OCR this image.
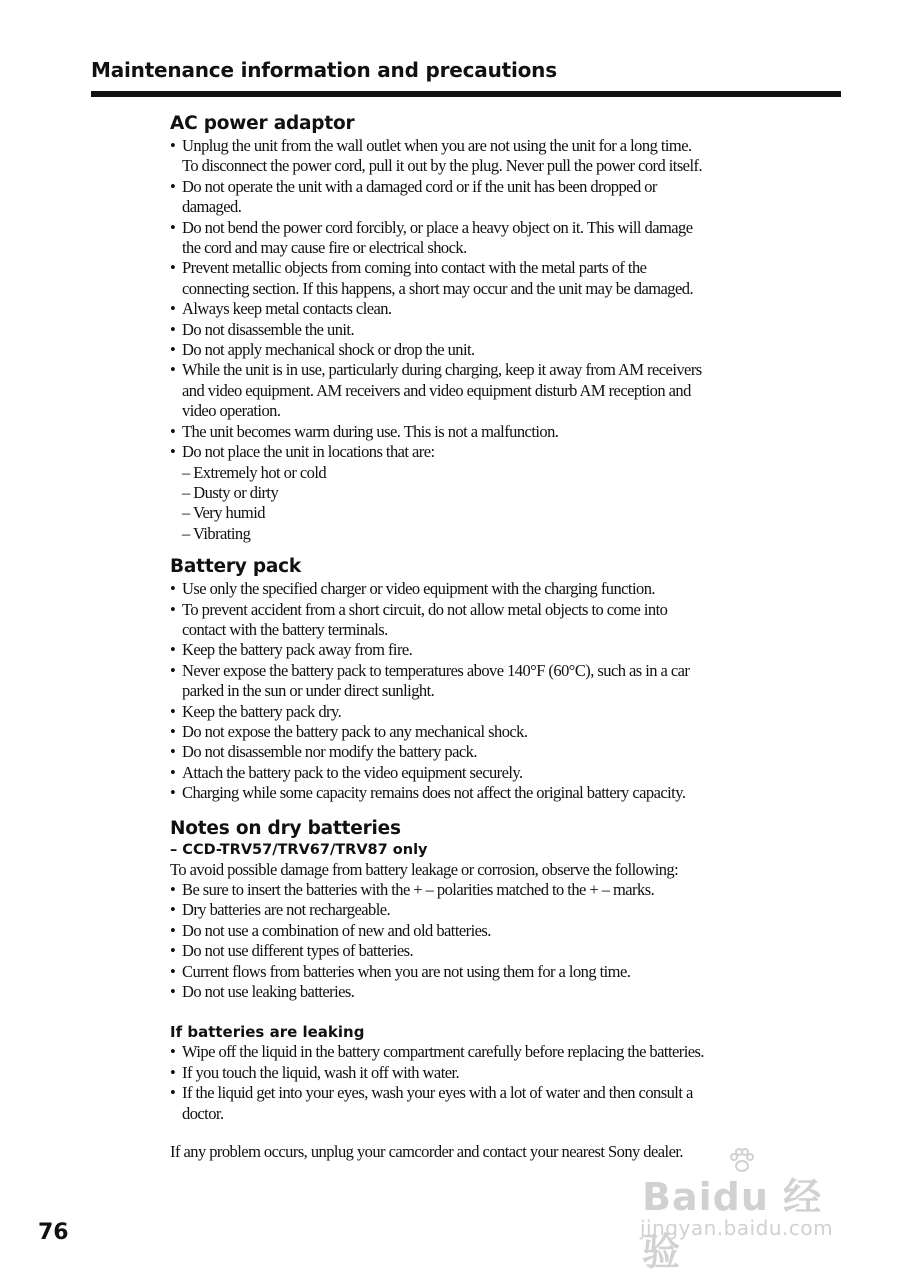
Maintenance information and precautions
AC power adaptor
• Unplug the unit from the wall outlet when you are not using the unit for a long time.
To disconnect the power cord, pull it out by the plug. Never pull the power cord itself.
• Do not operate the unit with a damaged cord or if the unit has been dropped or
damaged.
• Do not bend the power cord forcibly, or place a heavy object on it. This will damage
the cord and may cause fire or electrical shock.
• Prevent metallic objects from coming into contact with the metal parts of the
connecting section. If this happens, a short may occur and the unit may be damaged.
• Always keep metal contacts clean.
• Do not disassemble the unit.
• Do not apply mechanical shock or drop the unit.
• While the unit is in use, particularly during charging, keep it away from AM receivers
and video equipment. AM receivers and video equipment disturb AM reception and
video operation.
• The unit becomes warm during use. This is not a malfunction.
• Do not place the unit in locations that are:
– Extremely hot or cold
– Dusty or dirty
– Very humid
– Vibrating
Battery pack
• Use only the specified charger or video equipment with the charging function.
• To prevent accident from a short circuit, do not allow metal objects to come into
contact with the battery terminals.
• Keep the battery pack away from fire.
• Never expose the battery pack to temperatures above 140°F (60°C), such as in a car
parked in the sun or under direct sunlight.
• Keep the battery pack dry.
• Do not expose the battery pack to any mechanical shock.
• Do not disassemble nor modify the battery pack.
• Attach the battery pack to the video equipment securely.
• Charging while some capacity remains does not affect the original battery capacity.
Notes on dry batteries
– CCD-TRV57/TRV67/TRV87 only
To avoid possible damage from battery leakage or corrosion, observe the following:
• Be sure to insert the batteries with the + – polarities matched to the + – marks.
• Dry batteries are not rechargeable.
• Do not use a combination of new and old batteries.
• Do not use different types of batteries.
• Current flows from batteries when you are not using them for a long time.
• Do not use leaking batteries.
If batteries are leaking
• Wipe off the liquid in the battery compartment carefully before replacing the batteries.
• If you touch the liquid, wash it off with water.
• If the liquid get into your eyes, wash your eyes with a lot of water and then consult a
doctor.
If any problem occurs, unplug your camcorder and contact your nearest Sony dealer.
76
Baidu 经验
jingyan.baidu.com
